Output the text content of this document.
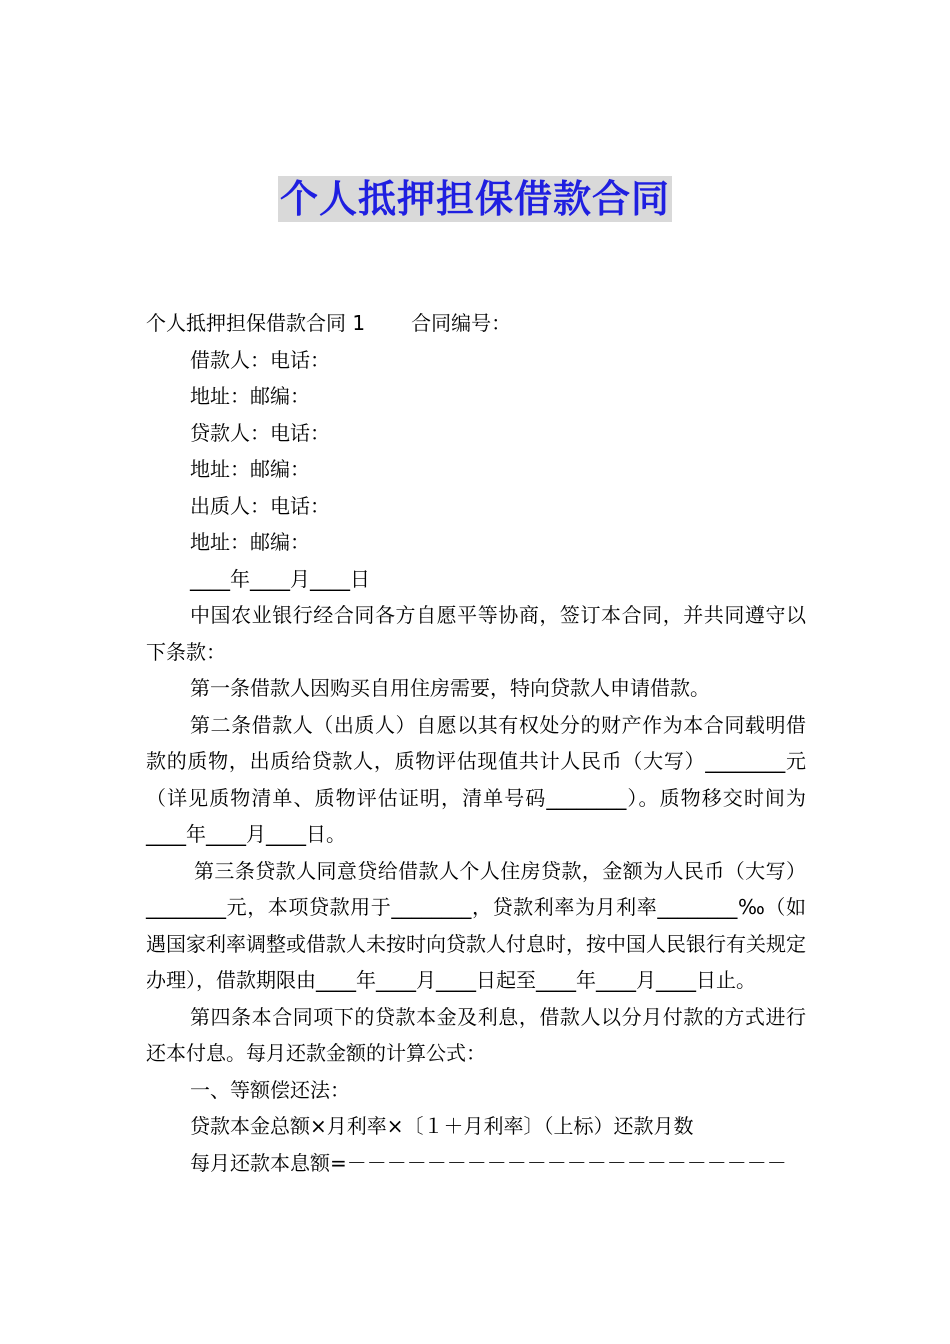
个人抵押担保借款合同
个人抵押担保借款合同 1 合同编号：
借款人：电话：
地址：邮编：
贷款人：电话：
地址：邮编：
出质人：电话：
地址：邮编：
____年____月____日
中国农业银行经合同各方自愿平等协商，签订本合同，并共同遵守以下条款：
第一条借款人因购买自用住房需要，特向贷款人申请借款。
第二条借款人（出质人）自愿以其有权处分的财产作为本合同载明借款的质物，出质给贷款人，质物评估现值共计人民币（大写）________元（详见质物清单、质物评估证明，清单号码________）。质物移交时间为____年____月____日。
第三条贷款人同意贷给借款人个人住房贷款，金额为人民币（大写）________元，本项贷款用于________，贷款利率为月利率________‰（如遇国家利率调整或借款人未按时向贷款人付息时，按中国人民银行有关规定办理），借款期限由____年____月____日起至____年____月____日止。
第四条本合同项下的贷款本金及利息，借款人以分月付款的方式进行还本付息。每月还款金额的计算公式：
一、等额偿还法：
贷款本金总额×月利率×〔１＋月利率〕（上标）还款月数
每月还款本息额=－－－－－－－－－－－－－－－－－－－－－－
